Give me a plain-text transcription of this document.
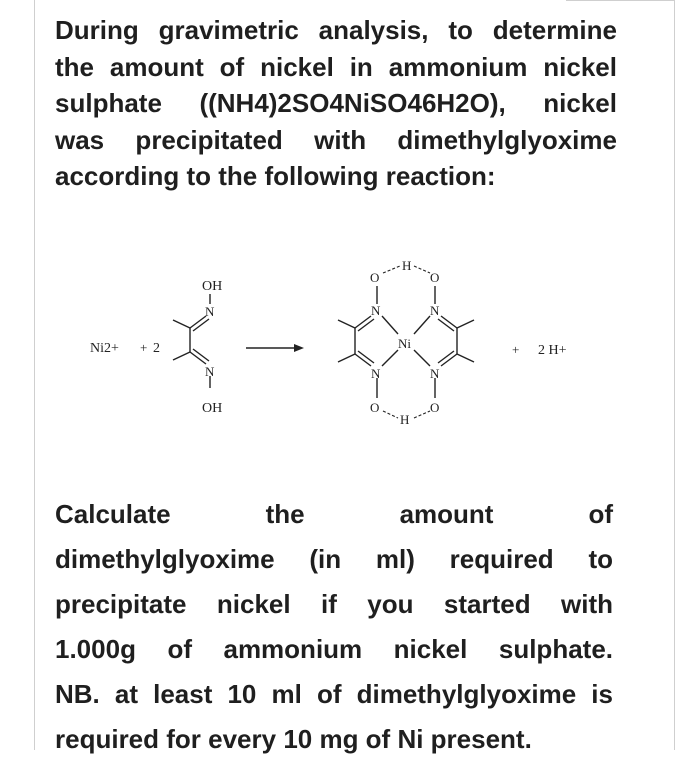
During gravimetric analysis, to determine
the amount of nickel in ammonium nickel
sulphate ((NH4)2SO4NiSO46H2O), nickel
was precipitated with dimethylglyoxime
according to the following reaction:
Ni2+ + 2
OH
N
N
OH
O
H
O
N	N
Ni
N	N
O
H
O
+ 2 H+
Calculate	the	amount	of
dimethylglyoxime (in ml) required to
precipitate nickel if you started with
1.000g of ammonium nickel sulphate.
NB. at least 10 ml of dimethylglyoxime is
required for every 10 mg of Ni present.
